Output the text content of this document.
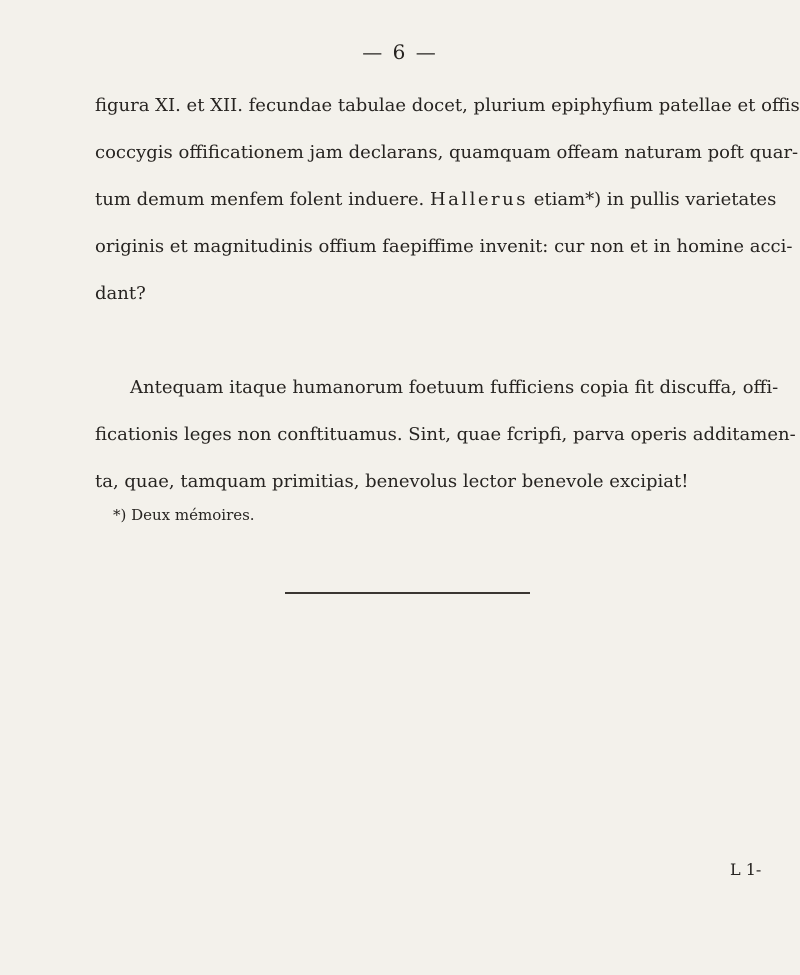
— 6 —
figura XI. et XII. fecundae tabulae docet, plurium epiphyfium patellae et offis
coccygis offificationem jam declarans, quamquam offeam naturam poft quar-
tum demum menfem folent induere. Hallerus etiam*) in pullis varietates
originis et magnitudinis offium faepiffime invenit: cur non et in homine acci-
dant?

Antequam itaque humanorum foetuum fufficiens copia fit discuffa, offi-
ficationis leges non conftituamus. Sint, quae fcripfi, parva operis additamen-
ta, quae, tamquam primitias, benevolus lector benevole excipiat!
*) Deux mémoires.
L 1-
